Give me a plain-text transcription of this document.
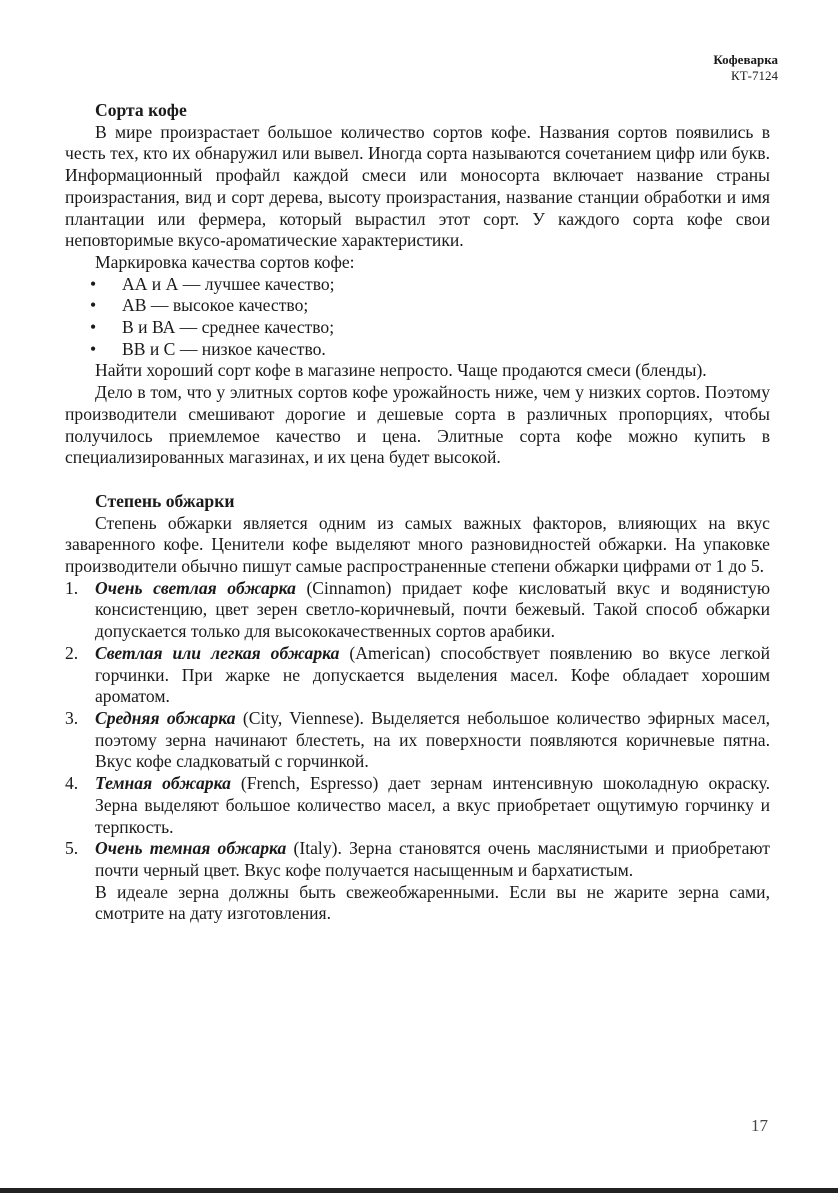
Кофеварка
КТ-7124
Сорта кофе

В мире произрастает большое количество сортов кофе. Названия сортов появились в честь тех, кто их обнаружил или вывел. Иногда сорта называются сочетанием цифр или букв. Информационный профайл каждой смеси или моносорта включает название страны произрастания, вид и сорт дерева, высоту произрастания, название станции обработки и имя плантации или фермера, который вырастил этот сорт. У каждого сорта кофе свои неповторимые вкусо-ароматические характеристики.

Маркировка качества сортов кофе:

• АА и А — лучшее качество;
• АВ — высокое качество;
• В и ВА — среднее качество;
• ВВ и С — низкое качество.

Найти хороший сорт кофе в магазине непросто. Чаще продаются смеси (бленды).

Дело в том, что у элитных сортов кофе урожайность ниже, чем у низких сортов. Поэтому производители смешивают дорогие и дешевые сорта в различных пропорциях, чтобы получилось приемлемое качество и цена. Элитные сорта кофе можно купить в специализированных магазинах, и их цена будет высокой.

Степень обжарки

Степень обжарки является одним из самых важных факторов, влияющих на вкус заваренного кофе. Ценители кофе выделяют много разновидностей обжарки. На упаковке производители обычно пишут самые распространенные степени обжарки цифрами от 1 до 5.

1. Очень светлая обжарка (Cinnamon) придает кофе кисловатый вкус и водянистую консистенцию, цвет зерен светло-коричневый, почти бежевый. Такой способ обжарки допускается только для высококачественных сортов арабики.
2. Светлая или легкая обжарка (American) способствует появлению во вкусе легкой горчинки. При жарке не допускается выделения масел. Кофе обладает хорошим ароматом.
3. Средняя обжарка (City, Viennese). Выделяется небольшое количество эфирных масел, поэтому зерна начинают блестеть, на их поверхности появляются коричневые пятна. Вкус кофе сладковатый с горчинкой.
4. Темная обжарка (French, Espresso) дает зернам интенсивную шоколадную окраску. Зерна выделяют большое количество масел, а вкус приобретает ощутимую горчинку и терпкость.
5. Очень темная обжарка (Italy). Зерна становятся очень маслянистыми и приобретают почти черный цвет. Вкус кофе получается насыщенным и бархатистым.

В идеале зерна должны быть свежеобжаренными. Если вы не жарите зерна сами, смотрите на дату изготовления.

17
